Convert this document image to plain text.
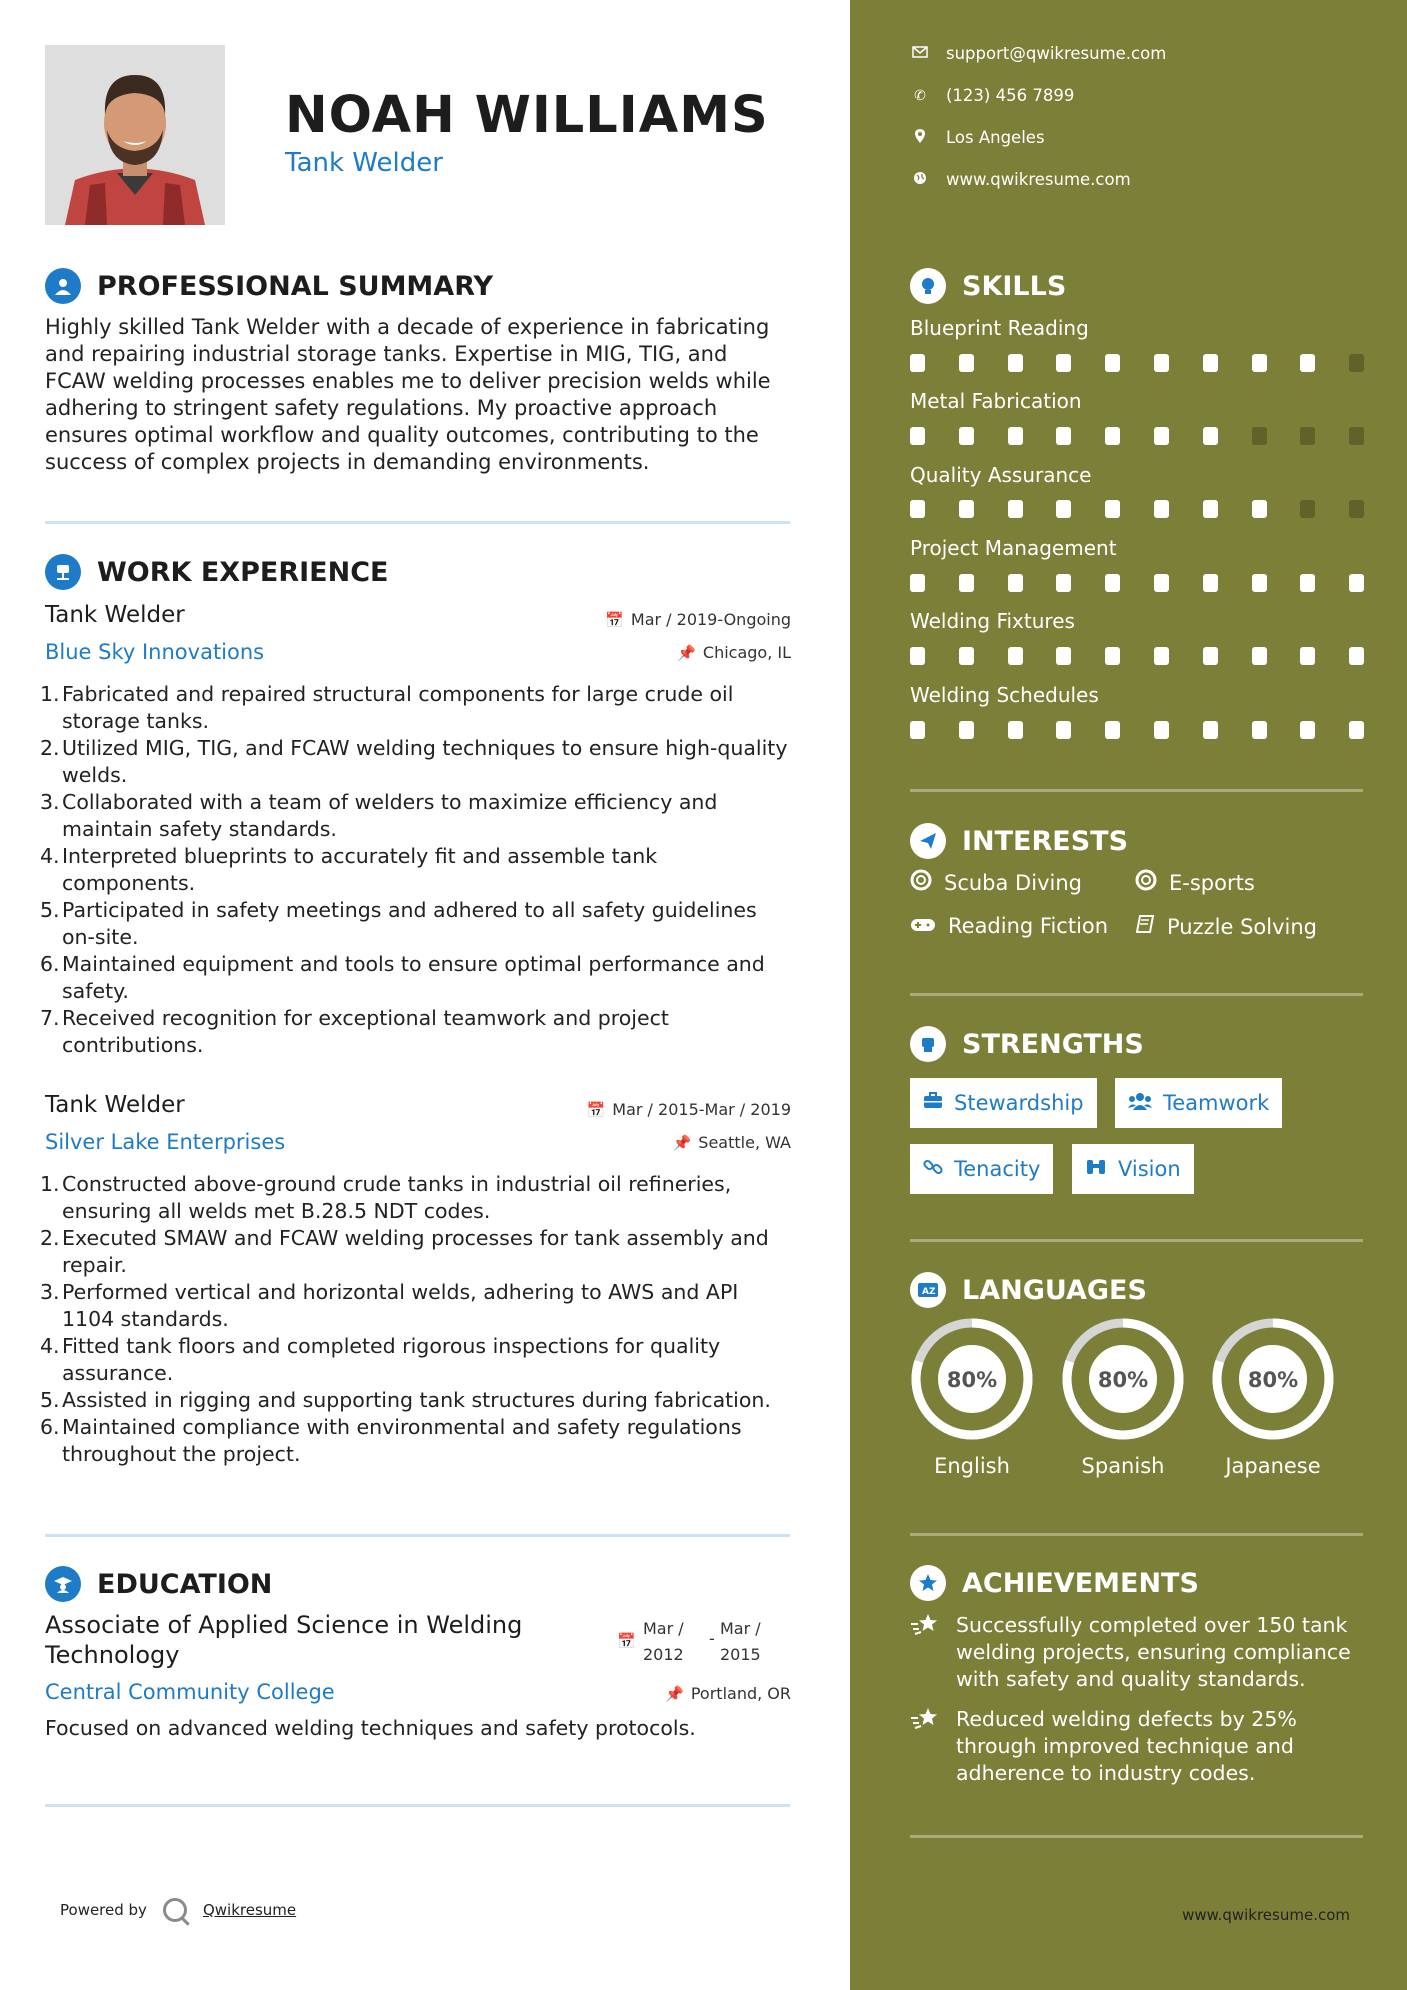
NOAH WILLIAMS
Tank Welder
PROFESSIONAL SUMMARY
Highly skilled Tank Welder with a decade of experience in fabricating and repairing industrial storage tanks. Expertise in MIG, TIG, and FCAW welding processes enables me to deliver precision welds while adhering to stringent safety regulations. My proactive approach ensures optimal workflow and quality outcomes, contributing to the success of complex projects in demanding environments.
WORK EXPERIENCE
Tank Welder	📅 Mar / 2019-Ongoing
Blue Sky Innovations	📌 Chicago, IL
1. Fabricated and repaired structural components for large crude oil storage tanks.
2. Utilized MIG, TIG, and FCAW welding techniques to ensure high-quality welds.
3. Collaborated with a team of welders to maximize efficiency and maintain safety standards.
4. Interpreted blueprints to accurately fit and assemble tank components.
5. Participated in safety meetings and adhered to all safety guidelines on-site.
6. Maintained equipment and tools to ensure optimal performance and safety.
7. Received recognition for exceptional teamwork and project contributions.
Tank Welder	📅 Mar / 2015-Mar / 2019
Silver Lake Enterprises	📌 Seattle, WA
1. Constructed above-ground crude tanks in industrial oil refineries, ensuring all welds met B.28.5 NDT codes.
2. Executed SMAW and FCAW welding processes for tank assembly and repair.
3. Performed vertical and horizontal welds, adhering to AWS and API 1104 standards.
4. Fitted tank floors and completed rigorous inspections for quality assurance.
5. Assisted in rigging and supporting tank structures during fabrication.
6. Maintained compliance with environmental and safety regulations throughout the project.
EDUCATION
Associate of Applied Science in Welding Technology	📅
Mar / 2012
-
Mar / 2015
Central Community College	📌 Portland, OR
Focused on advanced welding techniques and safety protocols.
Powered by	Qwikresume
support@qwikresume.com
✆ (123) 456 7899
Los Angeles
www.qwikresume.com
SKILLS
Blueprint Reading
Metal Fabrication
Quality Assurance
Project Management
Welding Fixtures
Welding Schedules
INTERESTS
Scuba Diving	E-sports
Reading Fiction	Puzzle Solving
STRENGTHS
Stewardship	Teamwork
Tenacity	Vision
A Z LANGUAGES
80%
English
80%
Spanish
80%
Japanese
ACHIEVEMENTS
Successfully completed over 150 tank welding projects, ensuring compliance with safety and quality standards.
Reduced welding defects by 25% through improved technique and adherence to industry codes.
www.qwikresume.com
